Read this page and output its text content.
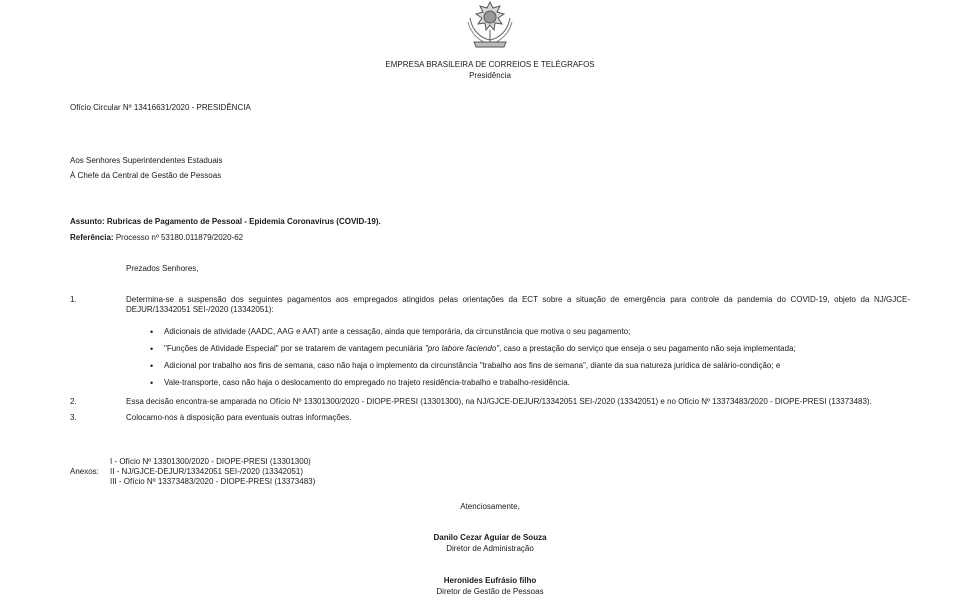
EMPRESA BRASILEIRA DE CORREIOS E TELÉGRAFOS
Presidência
Ofício Circular Nº 13416631/2020 - PRESIDÊNCIA
Aos Senhores Superintendentes Estaduais
À Chefe da Central de Gestão de Pessoas
Assunto: Rubricas de Pagamento de Pessoal - Epidemia Coronavírus (COVID-19).
Referência: Processo nº 53180.011879/2020-62
Prezados Senhores,
1.	Determina-se a suspensão dos seguintes pagamentos aos empregados atingidos pelas orientações da ECT sobre a situação de emergência para controle da pandemia do COVID-19, objeto da NJ/GJCE-DEJUR/13342051 SEI-/2020 (13342051):
• Adicionais de atividade (AADC, AAG e AAT) ante a cessação, ainda que temporária, da circunstância que motiva o seu pagamento;
• "Funções de Atividade Especial" por se tratarem de vantagem pecuniária "pro labore faciendo", caso a prestação do serviço que enseja o seu pagamento não seja implementada;
• Adicional por trabalho aos fins de semana, caso não haja o implemento da circunstância "trabalho aos fins de semana", diante da sua natureza jurídica de salário-condição; e
• Vale-transporte, caso não haja o deslocamento do empregado no trajeto residência-trabalho e trabalho-residência.
2.	Essa decisão encontra-se amparada no Ofício Nº 13301300/2020 - DIOPE-PRESI (13301300), na NJ/GJCE-DEJUR/13342051 SEI-/2020 (13342051) e no Ofício Nº 13373483/2020 - DIOPE-PRESI (13373483).
3.	Colocamo-nos à disposição para eventuais outras informações.
Anexos:
I - Ofício Nº 13301300/2020 - DIOPE-PRESI (13301300)
II - NJ/GJCE-DEJUR/13342051 SEI-/2020 (13342051)
III - Ofício Nº 13373483/2020 - DIOPE-PRESI (13373483)
Atenciosamente,
Danilo Cezar Aguiar de Souza
Diretor de Administração
Heronides Eufrásio filho
Diretor de Gestão de Pessoas
